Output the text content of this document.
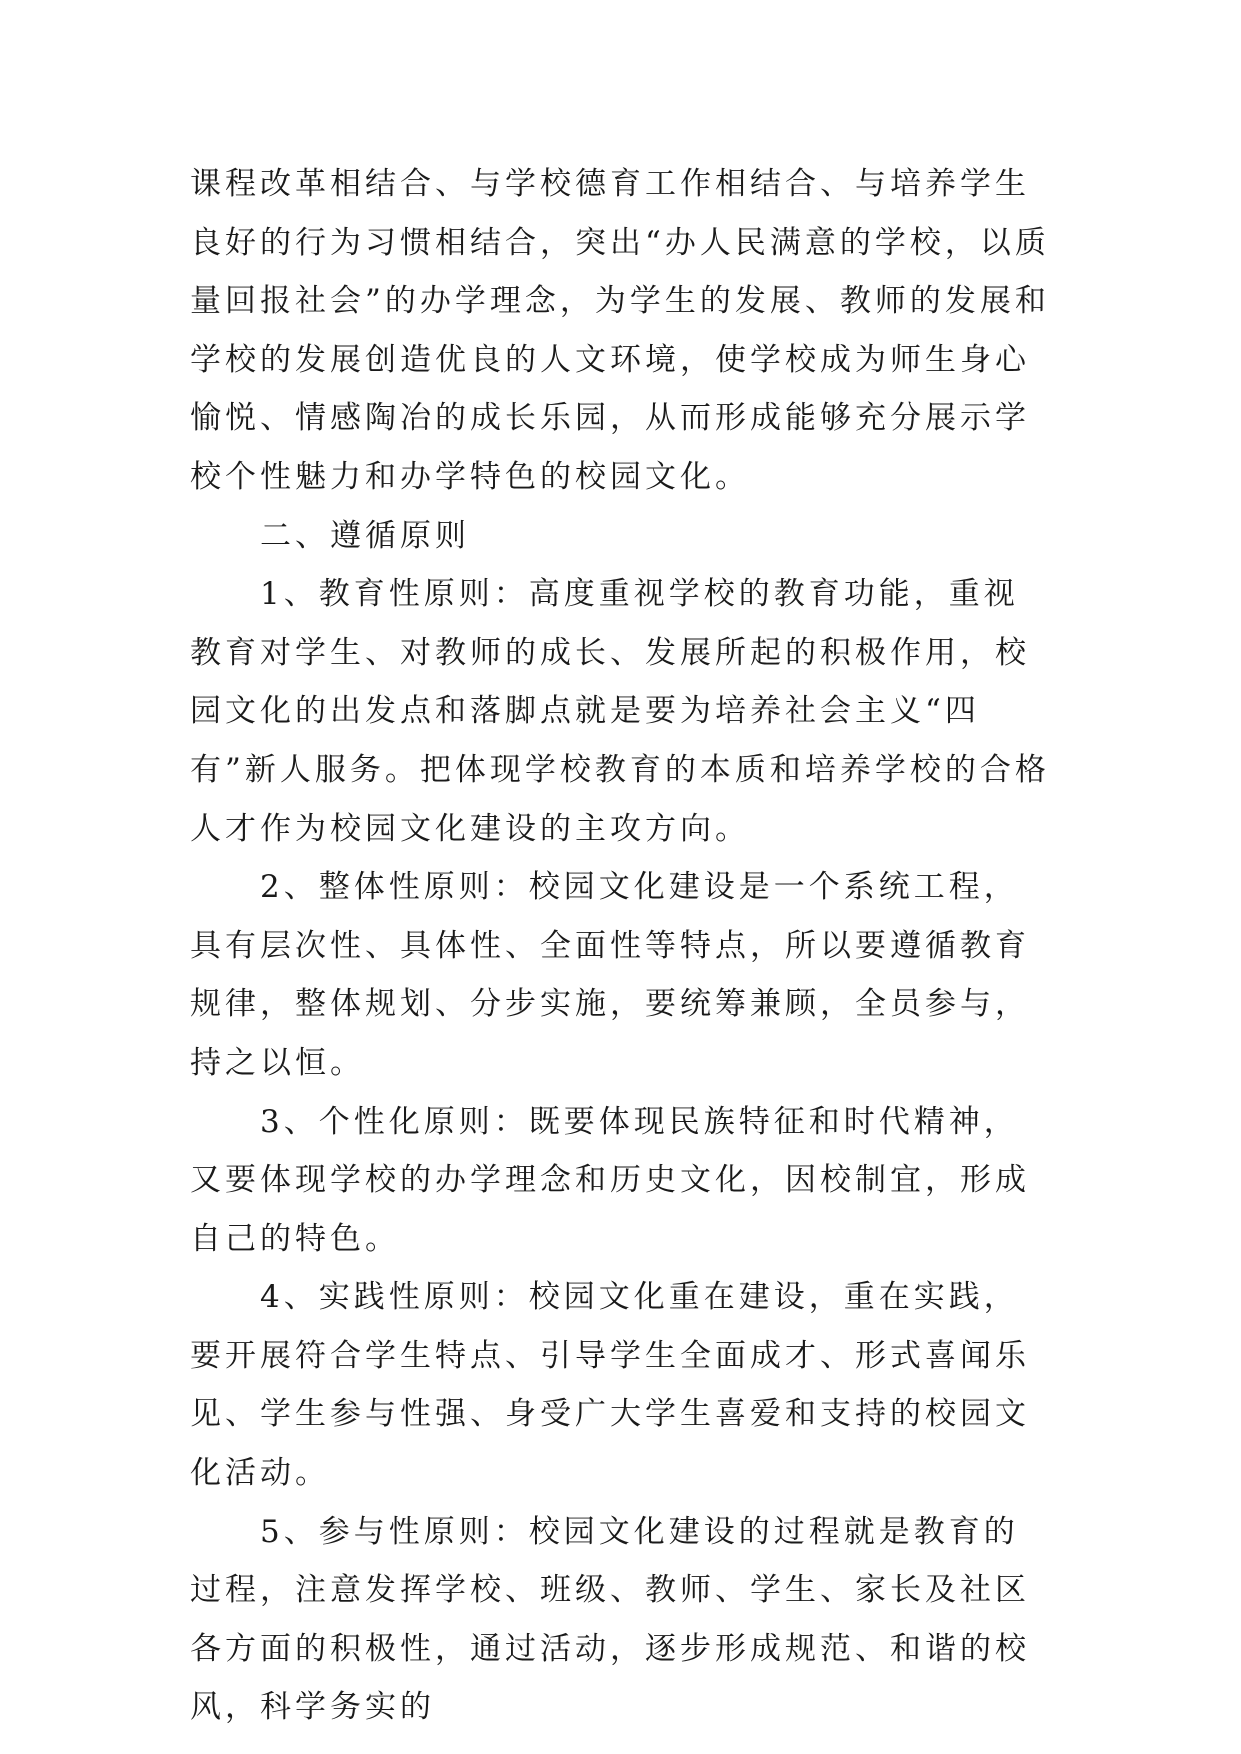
课程改革相结合、与学校德育工作相结合、与培养学生良好的行为习惯相结合，突出“办人民满意的学校，以质量回报社会”的办学理念，为学生的发展、教师的发展和学校的发展创造优良的人文环境，使学校成为师生身心愉悦、情感陶冶的成长乐园，从而形成能够充分展示学校个性魅力和办学特色的校园文化。

二、遵循原则

1、教育性原则：高度重视学校的教育功能，重视教育对学生、对教师的成长、发展所起的积极作用，校园文化的出发点和落脚点就是要为培养社会主义“四有”新人服务。把体现学校教育的本质和培养学校的合格人才作为校园文化建设的主攻方向。

2、整体性原则：校园文化建设是一个系统工程，具有层次性、具体性、全面性等特点，所以要遵循教育规律，整体规划、分步实施，要统筹兼顾，全员参与，持之以恒。

3、个性化原则：既要体现民族特征和时代精神，又要体现学校的办学理念和历史文化，因校制宜，形成自己的特色。

4、实践性原则：校园文化重在建设，重在实践，要开展符合学生特点、引导学生全面成才、形式喜闻乐见、学生参与性强、身受广大学生喜爱和支持的校园文化活动。

5、参与性原则：校园文化建设的过程就是教育的过程，注意发挥学校、班级、教师、学生、家长及社区各方面的积极性，通过活动，逐步形成规范、和谐的校风，科学务实的
